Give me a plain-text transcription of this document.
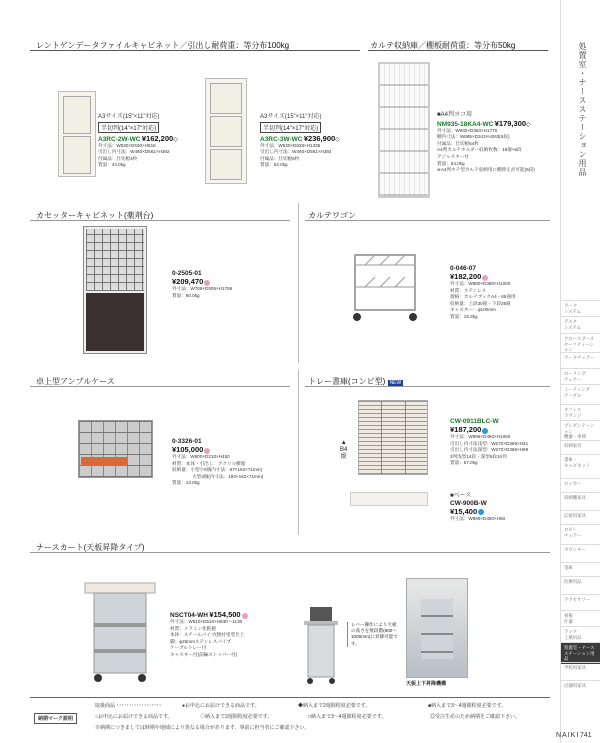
処置室・ナースステーション用品
ワーク
システム
デスク
システム
クロースブース
セーフティーション
ワークチェアー
ローリング
チェアー
ミーティング
テーブル
オフィス
ラウンジ
プレゼンテーション
機器・車椅
収納家具
書庫・
キャビネット
ロッカー
収納棚家具
応接用家具
ロビー
チェアー
カウンター
金庫
医療用品
アクセサリー
看板
什器
ラック
工場用品
処置室・ナースステーション用品
学校用家具
店舗用家具
レントゲンデータファイルキャビネット／引出し耐荷重：等分布100kg
A3サイズ(15"×11"対応)
半切判(14"×17"対応)
A3RC-2W-WC ¥162,200◇
外寸法：W530×D630×H816
引出し内寸法：W460×D561×H392
付属品：仕切板4枚
質量：44.0kg
A3サイズ(15"×11"対応)
半切判(14"×17"対応)
A3RC-3W-WC ¥236,900◇
外寸法：W530×D628×H1335
引出し内寸法：W460×D561×H392
付属品：仕切板6枚
質量：62.0kg
カルテ収納庫／棚板耐荷重：等分布50kg
■A4判ヨコ用
NM935-18KA4-WC ¥179,300◇
外寸法：W930×D350×H1770
棚内寸法：W885×D343×H263(6段)
付属品：仕切板54枚
A4判カルテホルダー収納枚数：18冊×6段
アジャスター付
質量：64.0kg
※A4判タテ型カルテ収納用に棚替えが可能(6段)
カセッターキャビネット(薬剤台)
0-2505-01
¥209,470
外寸法：W768×D505×H1786
質量：60.0kg
カルテワゴン
0-046-07
¥182,200
外寸法：W980×D380×H1000
材質：ステンレス
規格：カルテブックA4・65冊用
収納量：上段30冊・下段35冊
キャスター：φ100mm
質量：15.3kg
卓上型アンプルケース
0-3326-01
¥105,000
外寸法：W600×D210×H450
材質：本体・引出し：アクリル樹脂
収納量：小型小5個内寸法：87×162×71mm)
大型3個(内寸法：183×162×71mm)
質量：13.0kg
トレー書庫(コンビ型) NEW
▲
B4
縦
CW-0911BLC-W
¥187,200
外寸法：W899×D450×H1050
引出し内寸法浅型：W270×D365×H31
引出し内寸法深型：W270×D365×H69
3列浅型14段・深型6段34列
質量：57.0kg
■ベース
CW-900B-W
¥15,400
外寸法：W899×D450×H60
ナースカート(天板昇降タイプ)
NSCT04-WH ¥154,500
外寸法：W510×D510×H930～1130
材質：メラミン化粧板
本体：スチールパイプ(焼付塗装仕上
脚：φ25mmステンレスパイプ
ケーブルトレー付
キャスター付(前輪ストッパー付)
レバー操作により天板の高さを無段階(800～1000mm)に昇降可能です。
天板上下昇降機構
納期マーク説明
取扱商品 ･･････････････････	●お申込にお届けできる商品です。	◆納入まで2週間程度必要です。	■納入まで3～4週間程度必要です。
○お申込にお届けできる商品です。	◇納入まで2週間程度必要です。	□納入まで3～4週間程度必要です。	◎受注生産のため納期をご確認下さい。
※納期につきましては時期や地域により異なる場合があります。事前に担当者にご確認下さい。
NAIKI 741
